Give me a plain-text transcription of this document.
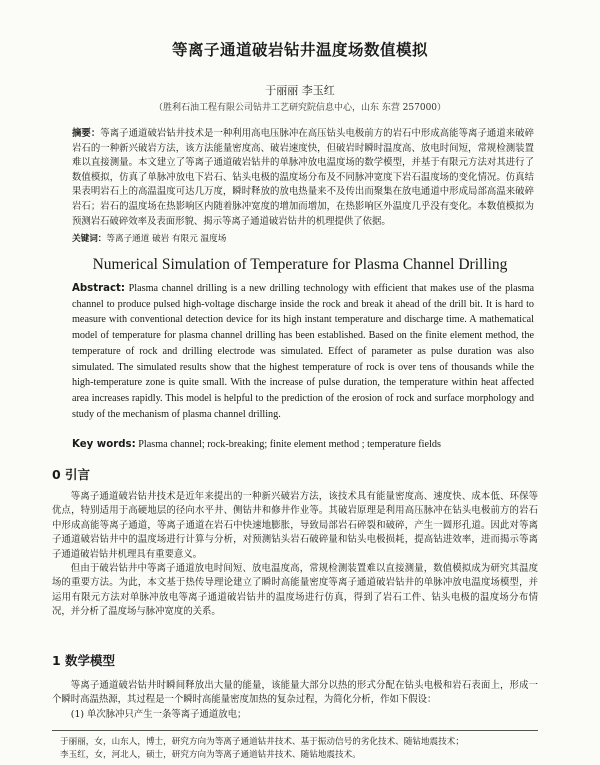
等离子通道破岩钻井温度场数值模拟
于丽丽 李玉红
（胜利石油工程有限公司钻井工艺研究院信息中心，山东 东营 257000）
摘要：等离子通道破岩钻井技术是一种利用高电压脉冲在高压钻头电极前方的岩石中形成高能等离子通道来破碎岩石的一种新兴破岩方法，该方法能量密度高、破岩速度快，但破岩时瞬时温度高、放电时间短，常规检测装置难以直接测量。本文建立了等离子通道破岩钻井的单脉冲放电温度场的数学模型，并基于有限元方法对其进行了数值模拟，仿真了单脉冲放电下岩石、钻头电极的温度场分布及不同脉冲宽度下岩石温度场的变化情况。仿真结果表明岩石上的高温温度可达几万度，瞬时释放的放电热量来不及传出而聚集在放电通道中形成局部高温来破碎岩石；岩石的温度场在热影响区内随着脉冲宽度的增加而增加，在热影响区外温度几乎没有变化。本数值模拟为预测岩石破碎效率及表面形貌、揭示等离子通道破岩钻井的机理提供了依据。
关键词：等离子通道 破岩 有限元 温度场
Numerical Simulation of Temperature for Plasma Channel Drilling
Abstract: Plasma channel drilling is a new drilling technology with efficient that makes use of the plasma channel to produce pulsed high-voltage discharge inside the rock and break it ahead of the drill bit. It is hard to measure with conventional detection device for its high instant temperature and discharge time. A mathematical model of temperature for plasma channel drilling has been established. Based on the finite element method, the temperature of rock and drilling electrode was simulated. Effect of parameter as pulse duration was also simulated. The simulated results show that the highest temperature of rock is over tens of thousands while the high-temperature zone is quite small. With the increase of pulse duration, the temperature within heat affected area increases rapidly. This model is helpful to the prediction of the erosion of rock and surface morphology and study of the mechanism of plasma channel drilling.
Key words: Plasma channel; rock-breaking; finite element method ; temperature fields
0 引言

等离子通道破岩钻井技术是近年来提出的一种新兴破岩方法，该技术具有能量密度高、速度快、成本低、环保等优点，特别适用于高硬地层的径向水平井、侧钻井和修井作业等。其破岩原理是利用高压脉冲在钻头电极前方的岩石中形成高能等离子通道，等离子通道在岩石中快速地膨胀，导致局部岩石碎裂和破碎，产生一圆形孔道。因此对等离子通道破岩钻井中的温度场进行计算与分析，对预测钻头岩石破碎量和钻头电极损耗，提高钻进效率，进而揭示等离子通道破岩钻井机理具有重要意义。

但由于破岩钻井中等离子通道放电时间短、放电温度高，常规检测装置难以直接测量，数值模拟成为研究其温度场的重要方法。为此，本文基于热传导理论建立了瞬时高能量密度等离子通道破岩钻井的单脉冲放电温度场模型，并运用有限元方法对单脉冲放电等离子通道破岩钻井的温度场进行仿真，得到了岩石工件、钻头电极的温度场分布情况，并分析了温度场与脉冲宽度的关系。

1 数学模型

等离子通道破岩钻井时瞬间释放出大量的能量，该能量大部分以热的形式分配在钻头电极和岩石表面上，形成一个瞬时高温热源，其过程是一个瞬时高能量密度加热的复杂过程，为简化分析，作如下假设：

(1) 单次脉冲只产生一条等离子通道放电；

于丽丽，女，山东人，博士，研究方向为等离子通道钻井技术、基于振动信号的劣化技术、随钻地震技术；
李玉红，女，河北人，硕士，研究方向为等离子通道钻井技术、随钻地震技术。
